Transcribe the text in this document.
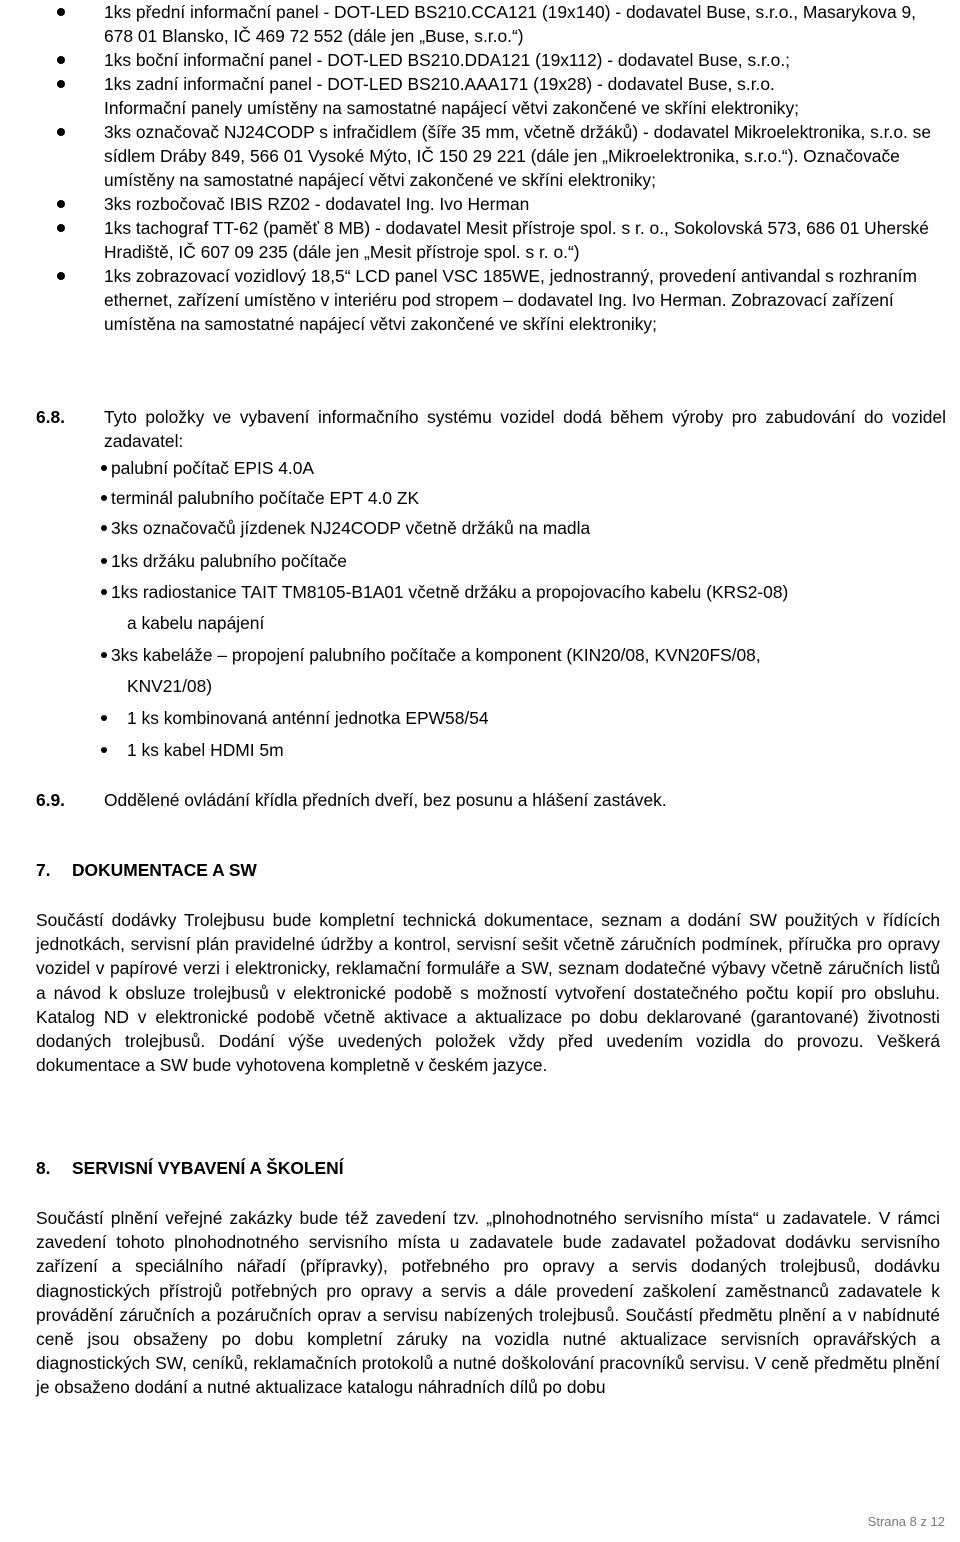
1ks přední informační panel - DOT-LED BS210.CCA121 (19x140) - dodavatel Buse, s.r.o., Masarykova 9, 678 01 Blansko, IČ 469 72 552 (dále jen „Buse, s.r.o.“)
1ks boční informační panel - DOT-LED BS210.DDA121 (19x112) - dodavatel Buse, s.r.o.;
1ks zadní informační panel - DOT-LED BS210.AAA171 (19x28) - dodavatel Buse, s.r.o.
Informační panely umístěny na samostatné napájecí větvi zakončené ve skříni elektroniky;
3ks označovač NJ24CODP s infračidlem (šíře 35 mm, včetně držáků) - dodavatel Mikroelektronika, s.r.o. se sídlem Dráby 849, 566 01 Vysoké Mýto, IČ 150 29 221 (dále jen „Mikroelektronika, s.r.o.“). Označovače umístěny na samostatné napájecí větvi zakončené ve skříni elektroniky;
3ks rozbočovač IBIS RZ02 - dodavatel Ing. Ivo Herman
1ks tachograf TT-62 (paměť 8 MB) - dodavatel Mesit přístroje spol. s r. o., Sokolovská 573, 686 01 Uherské Hradiště, IČ 607 09 235 (dále jen „Mesit přístroje spol. s r. o.“)
1ks zobrazovací vozidlový 18,5“ LCD panel VSC 185WE, jednostranný, provedení antivandal s rozhraním ethernet, zařízení umístěno v interiéru pod stropem – dodavatel Ing. Ivo Herman. Zobrazovací zařízení umístěna na samostatné napájecí větvi zakončené ve skříni elektroniky;
6.8.	Tyto položky ve vybavení informačního systému vozidel dodá během výroby pro zabudování do vozidel zadavatel:
palubní počítač EPIS 4.0A
terminál palubního počítače EPT 4.0 ZK
3ks označovačů jízdenek NJ24CODP včetně držáků na madla
1ks držáku palubního počítače
1ks radiostanice TAIT TM8105-B1A01 včetně držáku a propojovacího kabelu (KRS2-08)
a kabelu napájení
3ks kabeláže – propojení palubního počítače a komponent (KIN20/08, KVN20FS/08,
KNV21/08)
1 ks kombinovaná anténní jednotka EPW58/54
1 ks kabel HDMI 5m
6.9.	Oddělené ovládání křídla předních dveří, bez posunu a hlášení zastávek.
7.	DOKUMENTACE A SW

Součástí dodávky Trolejbusu bude kompletní technická dokumentace, seznam a dodání SW použitých v řídících jednotkách, servisní plán pravidelné údržby a kontrol, servisní sešit včetně záručních podmínek, příručka pro opravy vozidel v papírové verzi i elektronicky, reklamační formuláře a SW, seznam dodatečné výbavy včetně záručních listů a návod k obsluze trolejbusů v elektronické podobě s možností vytvoření dostatečného počtu kopií pro obsluhu. Katalog ND v elektronické podobě včetně aktivace a aktualizace po dobu deklarované (garantované) životnosti dodaných trolejbusů. Dodání výše uvedených položek vždy před uvedením vozidla do provozu. Veškerá dokumentace a SW bude vyhotovena kompletně v českém jazyce.

8.	SERVISNÍ VYBAVENÍ A ŠKOLENÍ

Součástí plnění veřejné zakázky bude též zavedení tzv. „plnohodnotného servisního místa“ u zadavatele. V rámci zavedení tohoto plnohodnotného servisního místa u zadavatele bude zadavatel požadovat dodávku servisního zařízení a speciálního nářadí (přípravky), potřebného pro opravy a servis dodaných trolejbusů, dodávku diagnostických přístrojů potřebných pro opravy a servis a dále provedení zaškolení zaměstnanců zadavatele k provádění záručních a pozáručních oprav a servisu nabízených trolejbusů. Součástí předmětu plnění a v nabídnuté ceně jsou obsaženy po dobu kompletní záruky na vozidla nutné aktualizace servisních opravářských a diagnostických SW, ceníků, reklamačních protokolů a nutné doškolování pracovníků servisu. V ceně předmětu plnění je obsaženo dodání a nutné aktualizace katalogu náhradních dílů po dobu

Strana 8 z 12
